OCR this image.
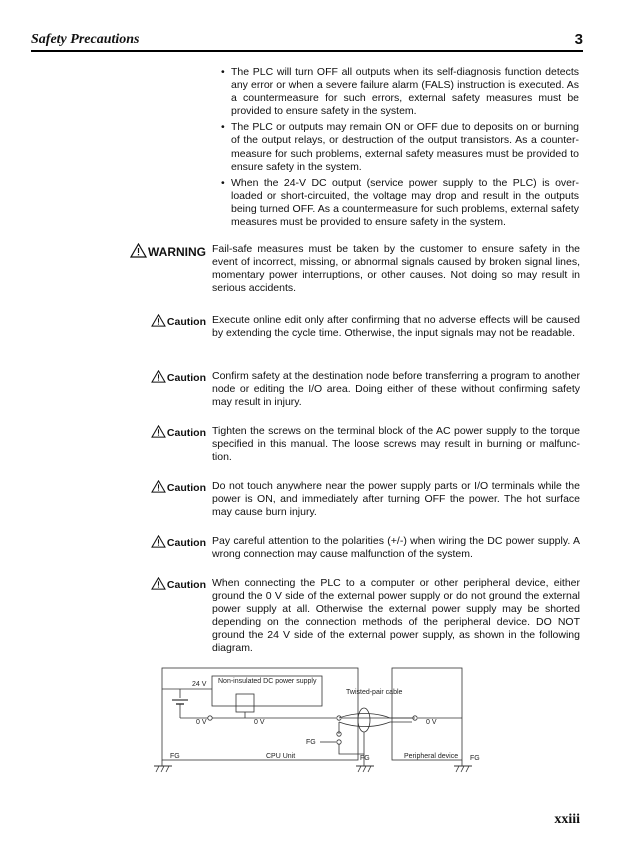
Safety Precautions	3
• The PLC will turn OFF all outputs when its self-diagnosis function detects any error or when a severe failure alarm (FALS) instruction is executed. As a countermeasure for such errors, external safety measures must be provided to ensure safety in the system.
• The PLC or outputs may remain ON or OFF due to deposits on or burning of the output relays, or destruction of the output transistors. As a counter-measure for such problems, external safety measures must be provided to ensure safety in the system.
• When the 24-V DC output (service power supply to the PLC) is over-loaded or short-circuited, the voltage may drop and result in the outputs being turned OFF. As a countermeasure for such problems, external safety measures must be provided to ensure safety in the system.
WARNING Fail-safe measures must be taken by the customer to ensure safety in the event of incorrect, missing, or abnormal signals caused by broken signal lines, momentary power interruptions, or other causes. Not doing so may result in serious accidents.
Caution Execute online edit only after confirming that no adverse effects will be caused by extending the cycle time. Otherwise, the input signals may not be readable.
Caution Confirm safety at the destination node before transferring a program to another node or editing the I/O area. Doing either of these without confirming safety may result in injury.
Caution Tighten the screws on the terminal block of the AC power supply to the torque specified in this manual. The loose screws may result in burning or malfunc-tion.
Caution Do not touch anywhere near the power supply parts or I/O terminals while the power is ON, and immediately after turning OFF the power. The hot surface may cause burn injury.
Caution Pay careful attention to the polarities (+/-) when wiring the DC power supply. A wrong connection may cause malfunction of the system.
Caution When connecting the PLC to a computer or other peripheral device, either ground the 0 V side of the external power supply or do not ground the external power supply at all. Otherwise the external power supply may be shorted depending on the connection methods of the peripheral device. DO NOT ground the 24 V side of the external power supply, as shown in the following diagram.
24 V Non-insulated DC power supply
Twisted-pair cable
0 V	0 V	0 V
FG
FG	CPU Unit	FG	Peripheral device FG
xxiii
